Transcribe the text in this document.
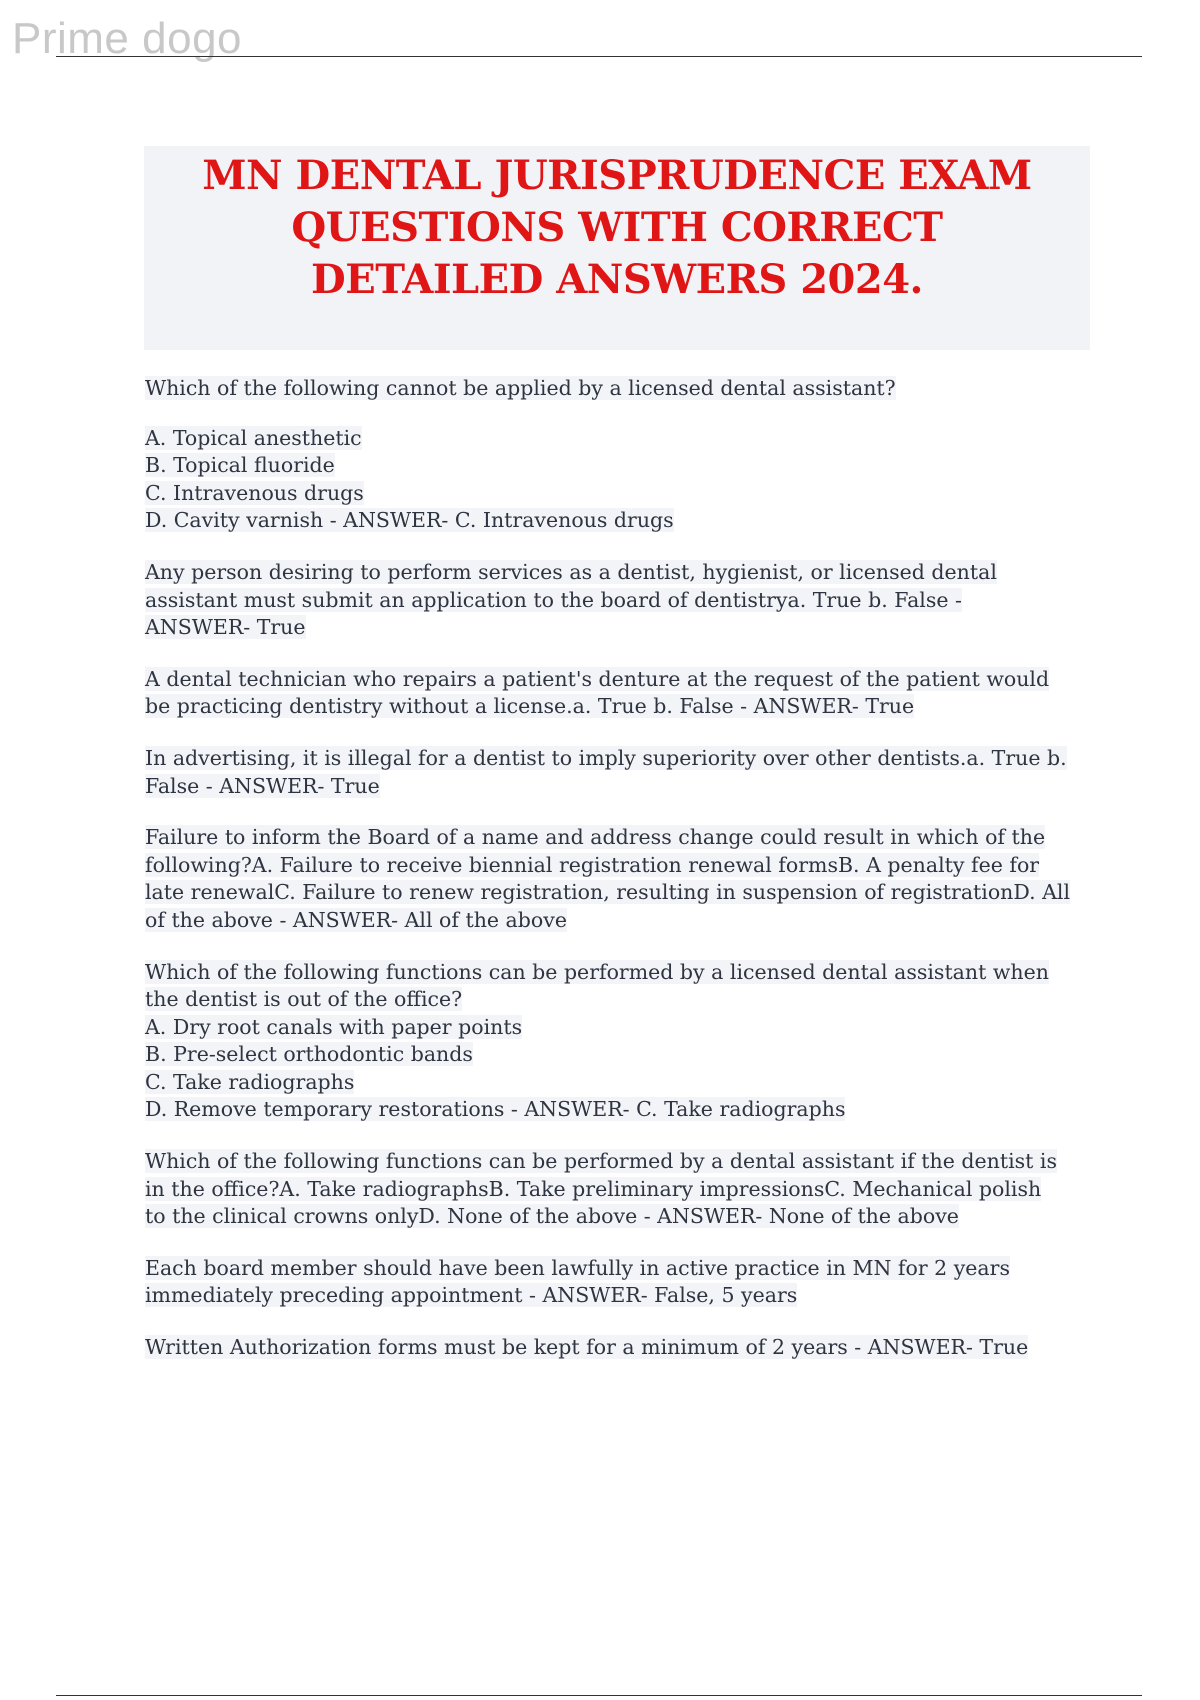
Prime dogo
MN DENTAL JURISPRUDENCE EXAM
QUESTIONS WITH CORRECT
DETAILED ANSWERS 2024.
Which of the following cannot be applied by a licensed dental assistant?
A. Topical anesthetic
B. Topical fluoride
C. Intravenous drugs
D. Cavity varnish - ANSWER- C. Intravenous drugs
Any person desiring to perform services as a dentist, hygienist, or licensed dental
assistant must submit an application to the board of dentistrya. True b. False -
ANSWER- True
A dental technician who repairs a patient's denture at the request of the patient would
be practicing dentistry without a license.a. True b. False - ANSWER- True
In advertising, it is illegal for a dentist to imply superiority over other dentists.a. True b.
False - ANSWER- True
Failure to inform the Board of a name and address change could result in which of the
following?A. Failure to receive biennial registration renewal formsB. A penalty fee for
late renewalC. Failure to renew registration, resulting in suspension of registrationD. All
of the above - ANSWER- All of the above
Which of the following functions can be performed by a licensed dental assistant when
the dentist is out of the office?
A. Dry root canals with paper points
B. Pre-select orthodontic bands
C. Take radiographs
D. Remove temporary restorations - ANSWER- C. Take radiographs
Which of the following functions can be performed by a dental assistant if the dentist is
in the office?A. Take radiographsB. Take preliminary impressionsC. Mechanical polish
to the clinical crowns onlyD. None of the above - ANSWER- None of the above
Each board member should have been lawfully in active practice in MN for 2 years
immediately preceding appointment - ANSWER- False, 5 years
Written Authorization forms must be kept for a minimum of 2 years - ANSWER- True
